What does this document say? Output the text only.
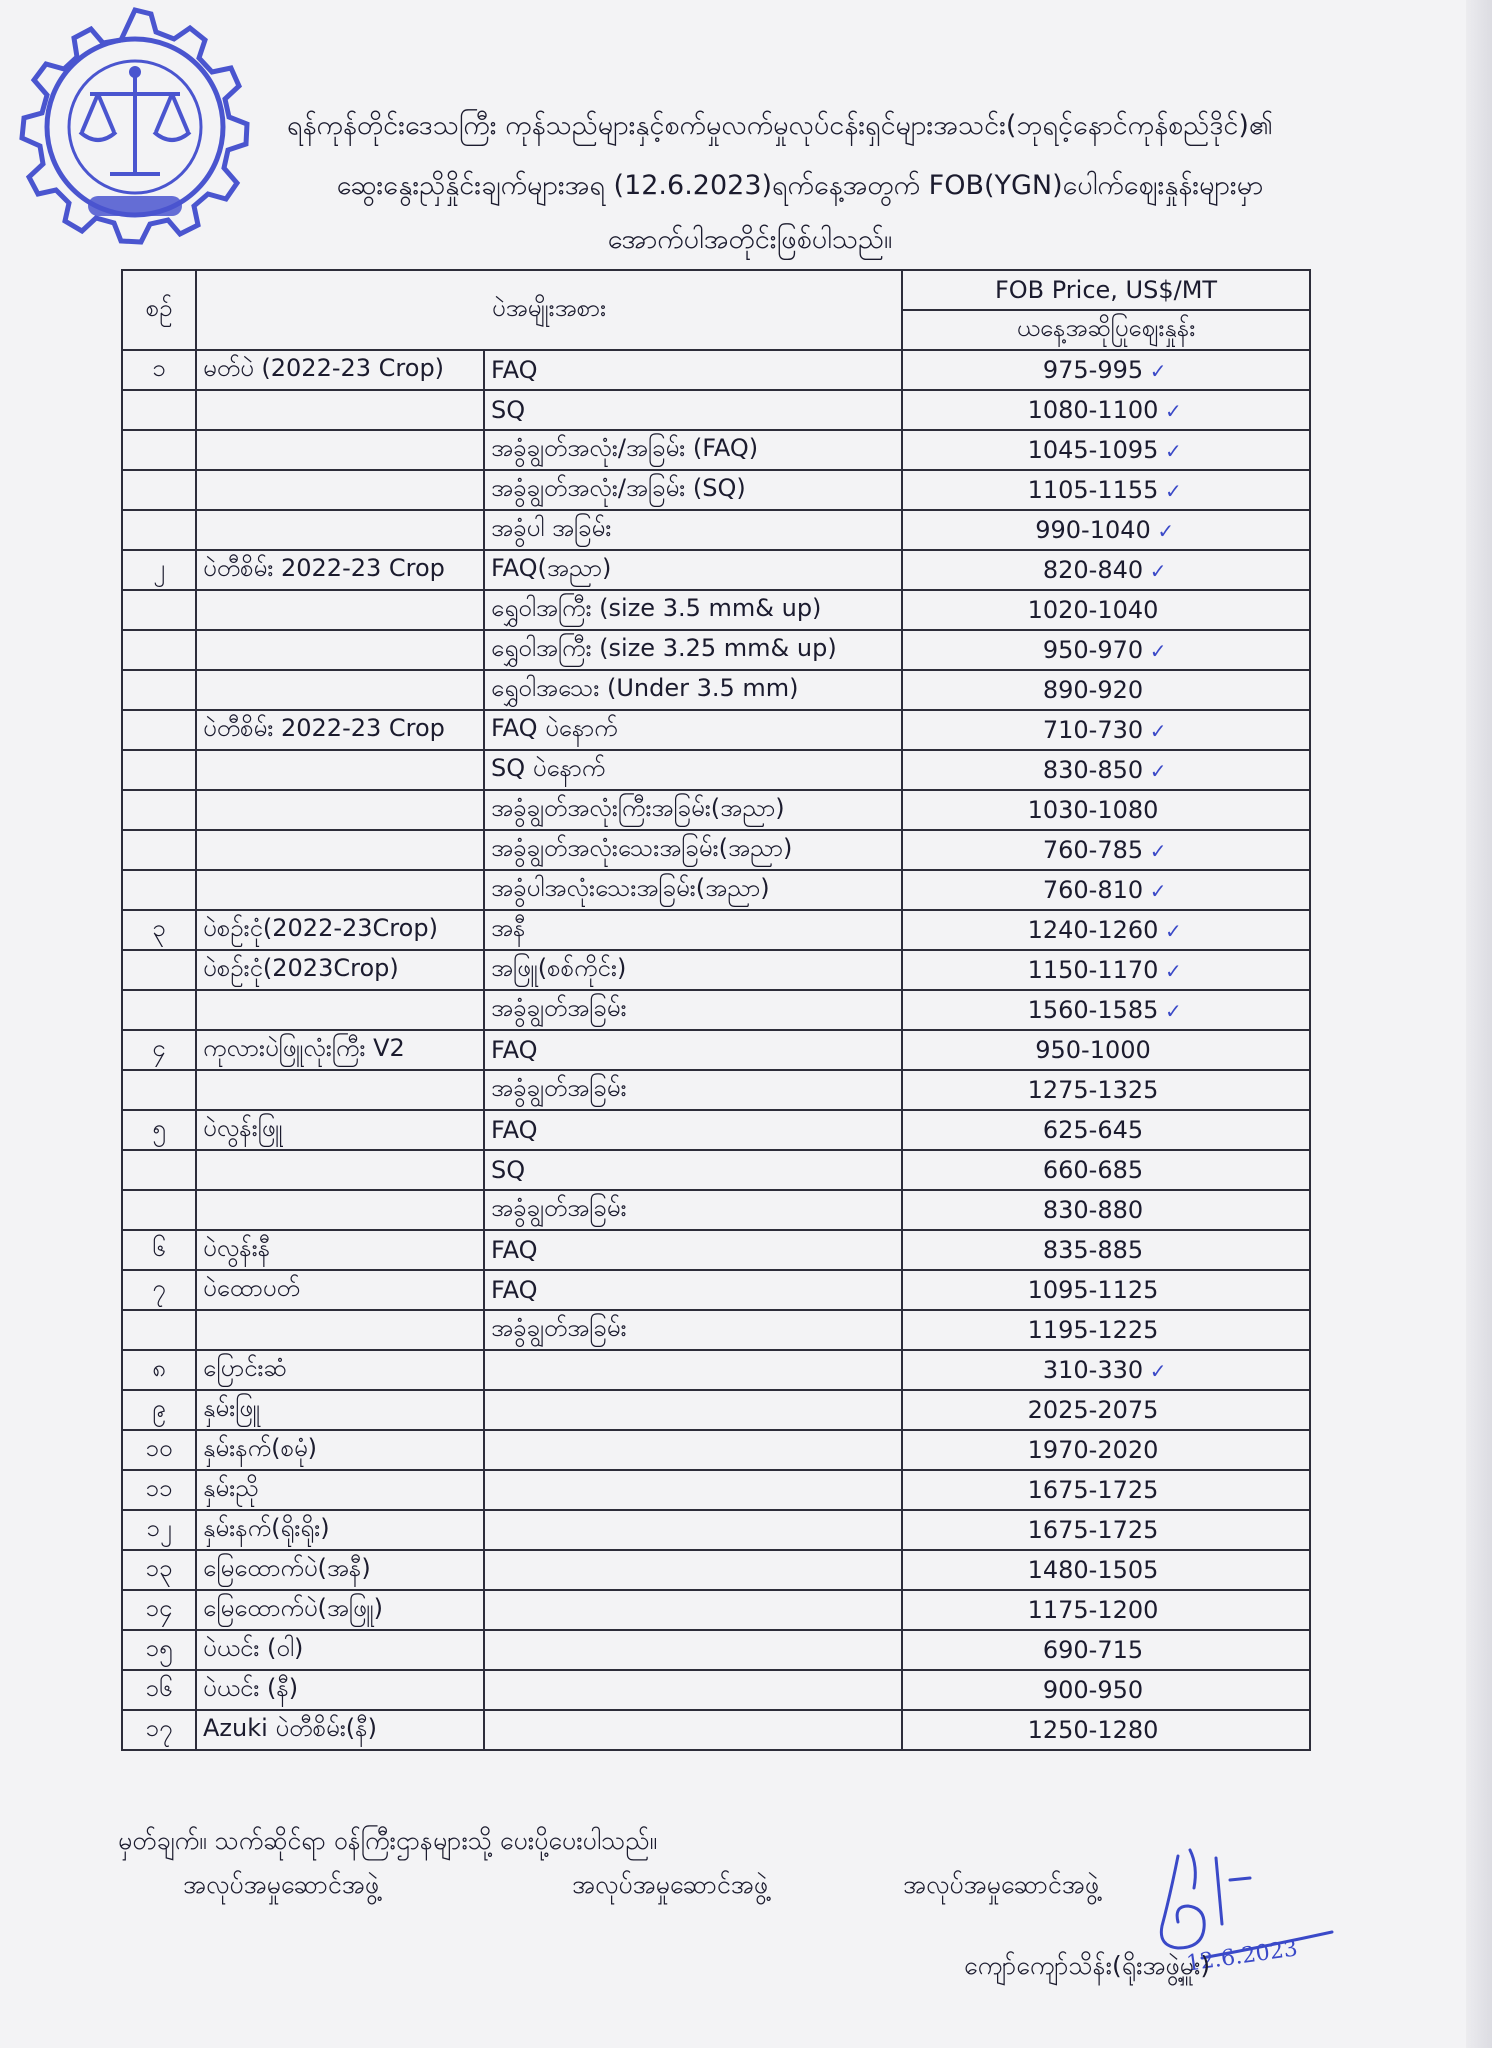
ရန်ကုန်တိုင်းဒေသကြီး ကုန်သည်များနှင့်စက်မှုလက်မှုလုပ်ငန်းရှင်များအသင်း(ဘုရင့်နောင်ကုန်စည်ဒိုင်)၏
ဆွေးနွေးညှိနှိုင်းချက်များအရ (12.6.2023)ရက်နေ့အတွက် FOB(YGN)ပေါက်ဈေးနှုန်းများမှာ
အောက်ပါအတိုင်းဖြစ်ပါသည်။
စဉ်	ပဲအမျိုးအစား		FOB Price, US$/MT
			ယနေ့အဆိုပြုဈေးနှုန်း
၁	မတ်ပဲ (2022-23 Crop)	FAQ	975-995 ✓
		SQ	1080-1100 ✓
		အခွံချွတ်အလုံး/အခြမ်း (FAQ)	1045-1095 ✓
		အခွံချွတ်အလုံး/အခြမ်း (SQ)	1105-1155 ✓
		အခွံပါ အခြမ်း	990-1040 ✓
၂	ပဲတီစိမ်း 2022-23 Crop	FAQ(အညာ)	820-840 ✓
		ရွှေဝါအကြီး (size 3.5 mm& up)	1020-1040
		ရွှေဝါအကြီး (size 3.25 mm& up)	950-970 ✓
		ရွှေဝါအသေး (Under 3.5 mm)	890-920
	ပဲတီစိမ်း 2022-23 Crop	FAQ ပဲနောက်	710-730 ✓
		SQ ပဲနောက်	830-850 ✓
		အခွံချွတ်အလုံးကြီးအခြမ်း(အညာ)	1030-1080
		အခွံချွတ်အလုံးသေးအခြမ်း(အညာ)	760-785 ✓
		အခွံပါအလုံးသေးအခြမ်း(အညာ)	760-810 ✓
၃	ပဲစဉ်းငုံ(2022-23Crop)	အနီ	1240-1260 ✓
	ပဲစဉ်းငုံ(2023Crop)	အဖြူ(စစ်ကိုင်း)	1150-1170 ✓
		အခွံချွတ်အခြမ်း	1560-1585 ✓
၄	ကုလားပဲဖြူလုံးကြီး V2	FAQ	950-1000
		အခွံချွတ်အခြမ်း	1275-1325
၅	ပဲလွန်းဖြူ	FAQ	625-645
		SQ	660-685
		အခွံချွတ်အခြမ်း	830-880
၆	ပဲလွန်းနီ	FAQ	835-885
၇	ပဲထောပတ်	FAQ	1095-1125
		အခွံချွတ်အခြမ်း	1195-1225
၈	ပြောင်းဆံ		310-330 ✓
၉	နှမ်းဖြူ		2025-2075
၁၀	နှမ်းနက်(စမုံ)		1970-2020
၁၁	နှမ်းညို		1675-1725
၁၂	နှမ်းနက်(ရိုးရိုး)		1675-1725
၁၃	မြေထောက်ပဲ(အနီ)		1480-1505
၁၄	မြေထောက်ပဲ(အဖြူ)		1175-1200
၁၅	ပဲယင်း (ဝါ)		690-715
၁၆	ပဲယင်း (နီ)		900-950
၁၇	Azuki ပဲတီစိမ်း(နီ)		1250-1280
မှတ်ချက်။ သက်ဆိုင်ရာ ဝန်ကြီးဌာနများသို့ ပေးပို့ပေးပါသည်။
အလုပ်အမှုဆောင်အဖွဲ့	အလုပ်အမှုဆောင်အဖွဲ့	အလုပ်အမှုဆောင်အဖွဲ့
12.6.2023
ကျော်ကျော်သိန်း(ရိုးအဖွဲ့မှူး)
